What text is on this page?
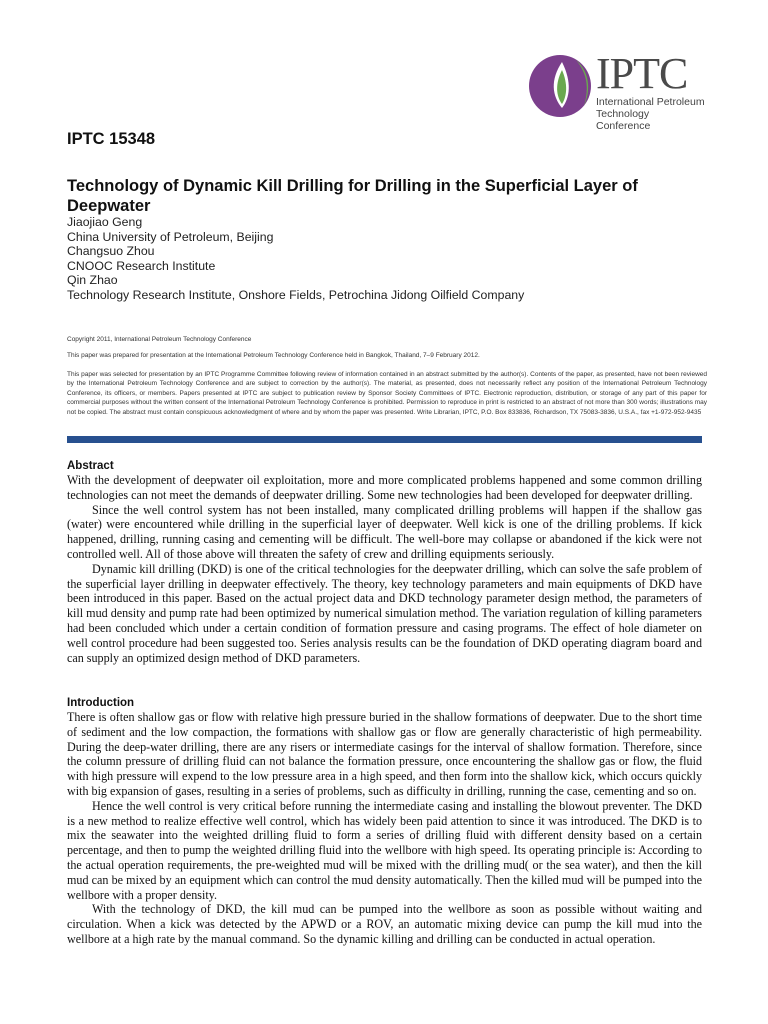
IPTC
International Petroleum
Technology Conference
IPTC 15348
Technology of Dynamic Kill Drilling for Drilling in the Superficial Layer of Deepwater
Jiaojiao Geng
China University of Petroleum, Beijing
Changsuo Zhou
CNOOC Research Institute
Qin Zhao
Technology Research Institute, Onshore Fields, Petrochina Jidong Oilfield Company
Copyright 2011, International Petroleum Technology Conference
This paper was prepared for presentation at the International Petroleum Technology Conference held in Bangkok, Thailand, 7–9 February 2012.
This paper was selected for presentation by an IPTC Programme Committee following review of information contained in an abstract submitted by the author(s). Contents of the paper, as presented, have not been reviewed by the International Petroleum Technology Conference and are subject to correction by the author(s). The material, as presented, does not necessarily reflect any position of the International Petroleum Technology Conference, its officers, or members. Papers presented at IPTC are subject to publication review by Sponsor Society Committees of IPTC. Electronic reproduction, distribution, or storage of any part of this paper for commercial purposes without the written consent of the International Petroleum Technology Conference is prohibited. Permission to reproduce in print is restricted to an abstract of not more than 300 words; illustrations may not be copied. The abstract must contain conspicuous acknowledgment of where and by whom the paper was presented. Write Librarian, IPTC, P.O. Box 833836, Richardson, TX 75083-3836, U.S.A., fax +1-972-952-9435
Abstract

With the development of deepwater oil exploitation, more and more complicated problems happened and some common drilling technologies can not meet the demands of deepwater drilling. Some new technologies had been developed for deepwater drilling.

Since the well control system has not been installed, many complicated drilling problems will happen if the shallow gas (water) were encountered while drilling in the superficial layer of deepwater. Well kick is one of the drilling problems. If kick happened, drilling, running casing and cementing will be difficult. The well-bore may collapse or abandoned if the kick were not controlled well. All of those above will threaten the safety of crew and drilling equipments seriously.

Dynamic kill drilling (DKD) is one of the critical technologies for the deepwater drilling, which can solve the safe problem of the superficial layer drilling in deepwater effectively. The theory, key technology parameters and main equipments of DKD have been introduced in this paper. Based on the actual project data and DKD technology parameter design method, the parameters of kill mud density and pump rate had been optimized by numerical simulation method. The variation regulation of killing parameters had been concluded which under a certain condition of formation pressure and casing programs. The effect of hole diameter on well control procedure had been suggested too. Series analysis results can be the foundation of DKD operating diagram board and can supply an optimized design method of DKD parameters.

Introduction

There is often shallow gas or flow with relative high pressure buried in the shallow formations of deepwater. Due to the short time of sediment and the low compaction, the formations with shallow gas or flow are generally characteristic of high permeability. During the deep-water drilling, there are any risers or intermediate casings for the interval of shallow formation. Therefore, since the column pressure of drilling fluid can not balance the formation pressure, once encountering the shallow gas or flow, the fluid with high pressure will expend to the low pressure area in a high speed, and then form into the shallow kick, which occurs quickly with big expansion of gases, resulting in a series of problems, such as difficulty in drilling, running the case, cementing and so on.

Hence the well control is very critical before running the intermediate casing and installing the blowout preventer. The DKD is a new method to realize effective well control, which has widely been paid attention to since it was introduced. The DKD is to mix the seawater into the weighted drilling fluid to form a series of drilling fluid with different density based on a certain percentage, and then to pump the weighted drilling fluid into the wellbore with high speed. Its operating principle is: According to the actual operation requirements, the pre-weighted mud will be mixed with the drilling mud( or the sea water), and then the kill mud can be mixed by an equipment which can control the mud density automatically. Then the killed mud will be pumped into the wellbore with a proper density.

With the technology of DKD, the kill mud can be pumped into the wellbore as soon as possible without waiting and circulation. When a kick was detected by the APWD or a ROV, an automatic mixing device can pump the kill mud into the wellbore at a high rate by the manual command. So the dynamic killing and drilling can be conducted in actual operation.
